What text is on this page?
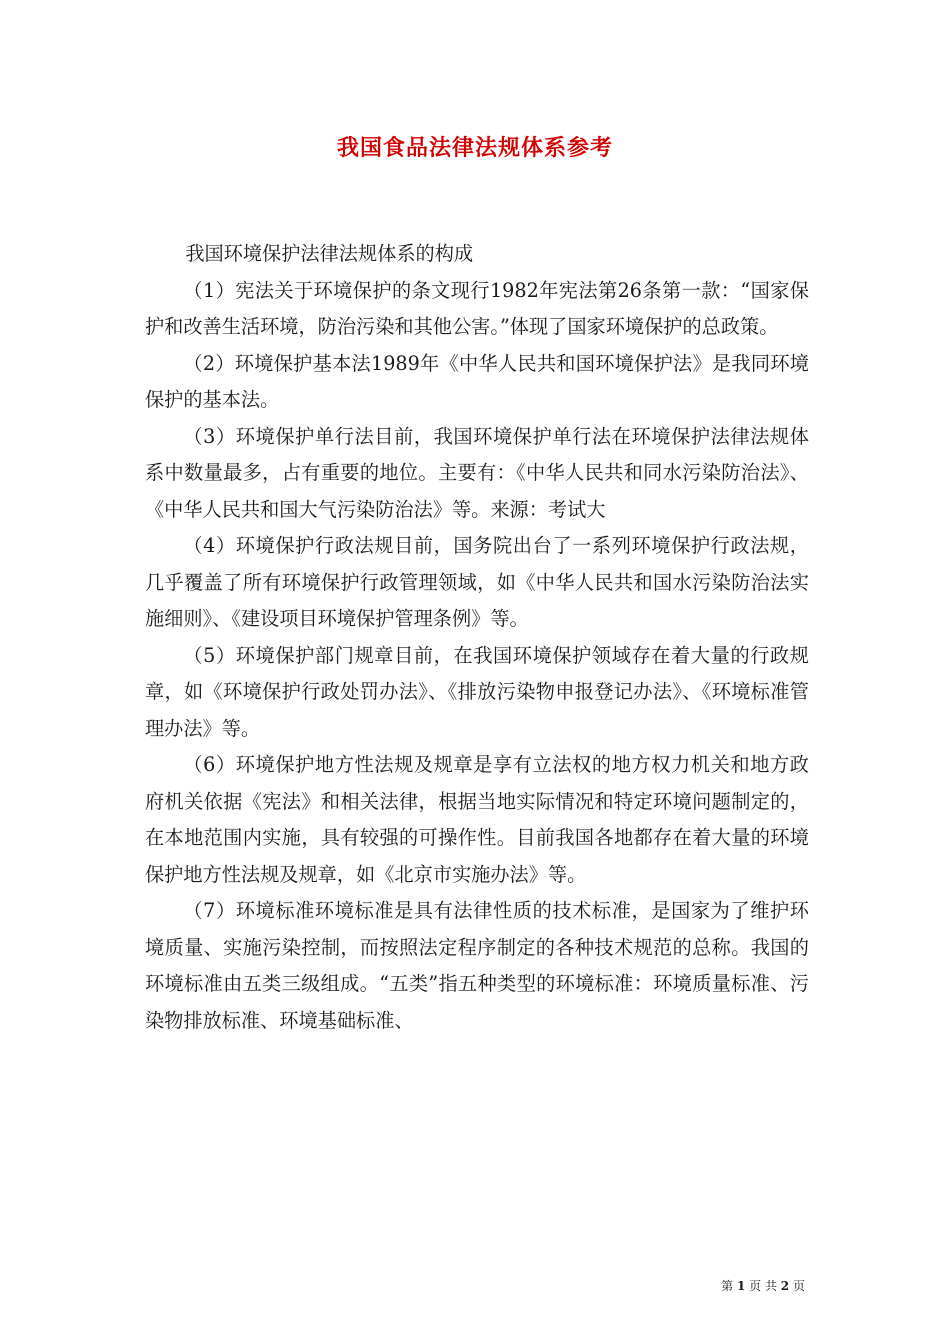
我国食品法律法规体系参考

我国环境保护法律法规体系的构成

（1）宪法关于环境保护的条文现行1982年宪法第26条第一款：“国家保护和改善生活环境，防治污染和其他公害。”体现了国家环境保护的总政策。

（2）环境保护基本法1989年《中华人民共和国环境保护法》是我同环境保护的基本法。

（3）环境保护单行法目前，我国环境保护单行法在环境保护法律法规体系中数量最多，占有重要的地位。主要有：《中华人民共和同水污染防治法》、《中华人民共和国大气污染防治法》等。来源：考试大

（4）环境保护行政法规目前，国务院出台了一系列环境保护行政法规，几乎覆盖了所有环境保护行政管理领域，如《中华人民共和国水污染防治法实施细则》、《建设项目环境保护管理条例》等。

（5）环境保护部门规章目前，在我国环境保护领域存在着大量的行政规章，如《环境保护行政处罚办法》、《排放污染物申报登记办法》、《环境标准管理办法》等。

（6）环境保护地方性法规及规章是享有立法权的地方权力机关和地方政府机关依据《宪法》和相关法律，根据当地实际情况和特定环境问题制定的，在本地范围内实施，具有较强的可操作性。目前我国各地都存在着大量的环境保护地方性法规及规章，如《北京市实施办法》等。

（7）环境标准环境标准是具有法律性质的技术标准，是国家为了维护环境质量、实施污染控制，而按照法定程序制定的各种技术规范的总称。我国的环境标准由五类三级组成。“五类”指五种类型的环境标准：环境质量标准、污染物排放标准、环境基础标准、

第 1 页 共 2 页
